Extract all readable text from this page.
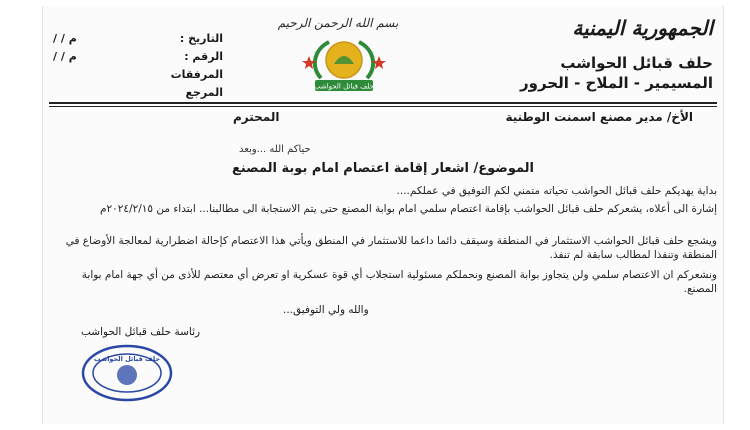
الجمهورية اليمنية
حلف قبائل الحواشب
المسيمير - الملاح - الحرور
التاريخ :
م / /
الرقم :
م / /
المرفقات
المرجع
بسم الله الرحمن الرحيم
حلف قبائل الحواشب
الأخ/ مدير مصنع اسمنت الوطنية
المحترم
حياكم الله ...وبعد
الموضوع/ اشعار إقامة اعتصام امام بوبة المصنع
بداية يهديكم حلف قبائل الحواشب تحياته متمني لكم التوفيق في عملكم....
إشارة الى أعلاه، يشعركم حلف قبائل الحواشب بإقامة اعتصام سلمي امام بوابة المصنع حتى يتم الاستجابة الى مطالبنا... ابتداء من ٢٠٢٤/٢/١٥م
ويشجع حلف قبائل الحواشب الاستثمار في المنطقة وسيقف دائما داعما للاستثمار في المنطق ويأتي هذا الاعتصام كإحالة اضطرارية لمعالجة الأوضاع في المنطقة وتنفذا لمطالب سابقة لم تنفذ.
ونشعركم ان الاعتصام سلمي ولن يتجاوز بوابة المصنع ونحملكم مسئولية استجلاب أي قوة عسكرية او تعرض أي معتصم للأذى من أي جهة امام بوابة المصنع.
والله ولي التوفيق...
رئاسة حلف قبائل الحواشب
حلف قبائل الحواشب
